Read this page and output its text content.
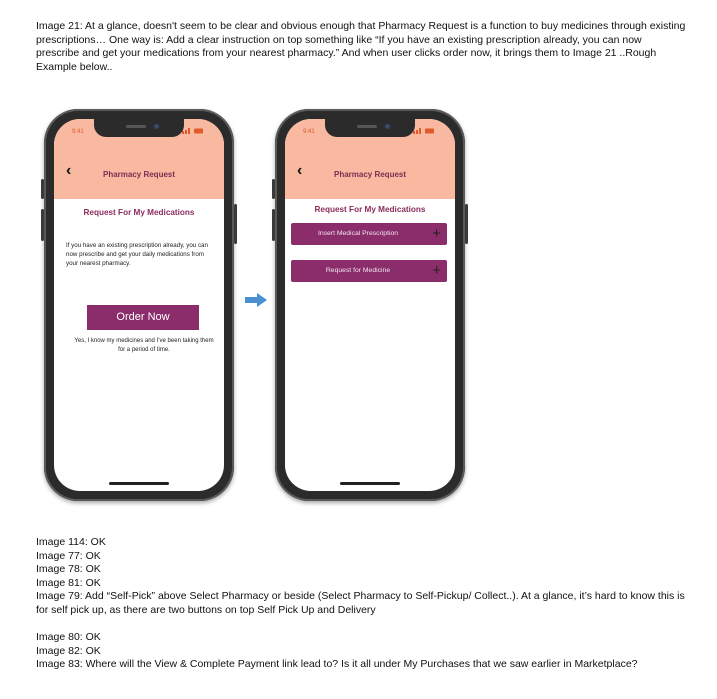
Image 21: At a glance, doesn't seem to be clear and obvious enough that Pharmacy Request is a function to buy medicines through existing prescriptions… One way is: Add a clear instruction on top something like “If you have an existing prescription already, you can now prescribe and get your medications from your nearest pharmacy.” And when user clicks order now, it brings them to Image 21 ..Rough Example below..
9:41
‹	Pharmacy Request
Request For My Medications
If you have an existing prescription already, you can now prescribe and get your daily medications from your nearest pharmacy.
Order Now
Yes, I know my medicines and I’ve been taking them for a period of time.
9:41
‹	Pharmacy Request
Request For My Medications
Insert Medical Prescription	+
Request for Medicine	+
Image 114: OK
Image 77: OK
Image 78: OK
Image 81: OK
Image 79: Add “Self-Pick” above Select Pharmacy or beside (Select Pharmacy to Self-Pickup/ Collect..). At a glance, it’s hard to know this is for self pick up, as there are two buttons on top Self Pick Up and Delivery
Image 80: OK
Image 82: OK
Image 83: Where will the View & Complete Payment link lead to? Is it all under My Purchases that we saw earlier in Marketplace?
